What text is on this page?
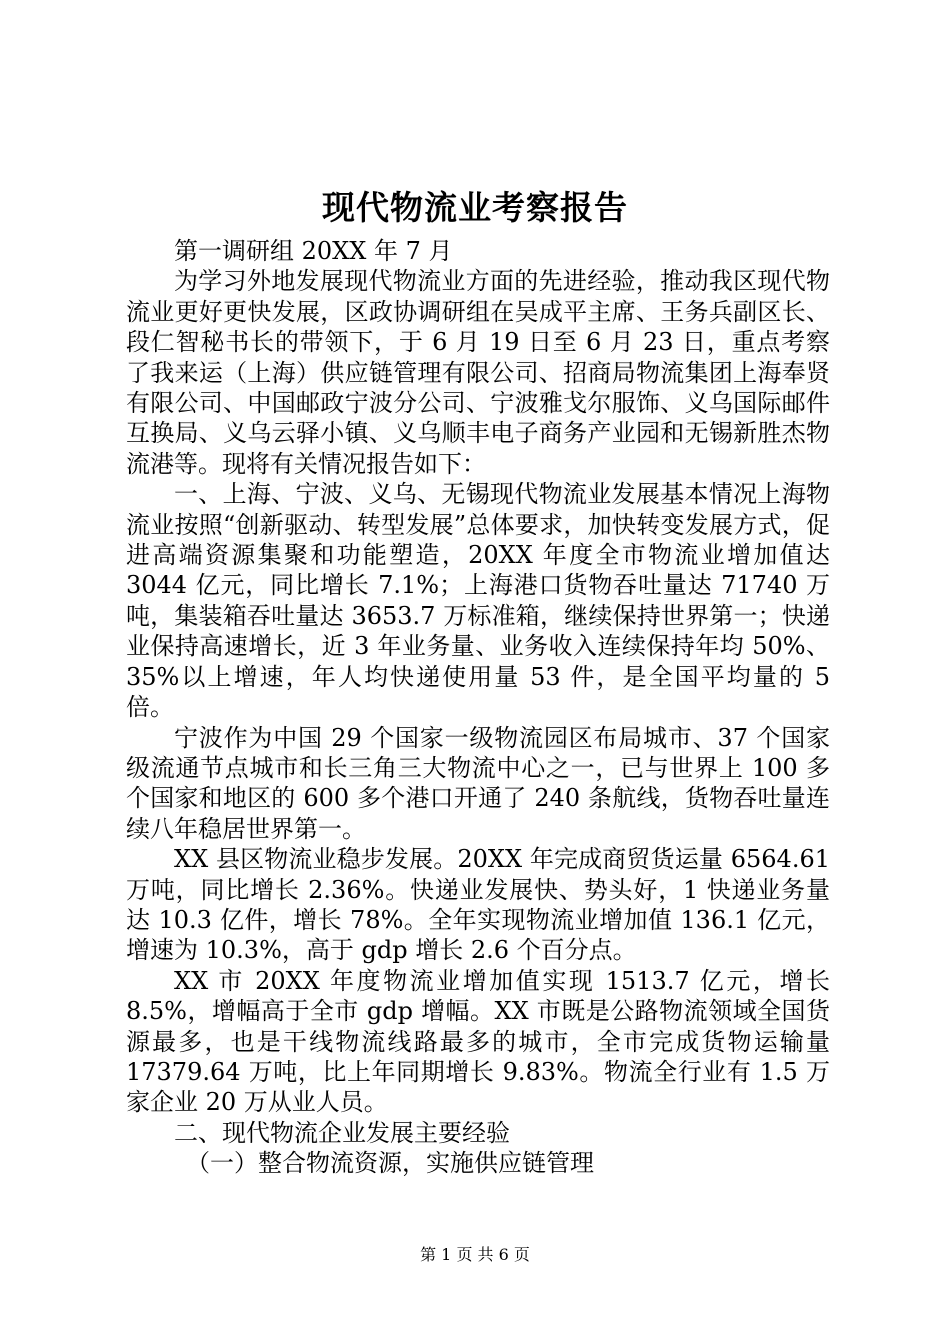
现代物流业考察报告

第一调研组 20XX 年 7 月

为学习外地发展现代物流业方面的先进经验，推动我区现代物流业更好更快发展，区政协调研组在吴成平主席、王务兵副区长、段仁智秘书长的带领下，于 6 月 19 日至 6 月 23 日，重点考察了我来运（上海）供应链管理有限公司、招商局物流集团上海奉贤有限公司、中国邮政宁波分公司、宁波雅戈尔服饰、义乌国际邮件互换局、义乌云驿小镇、义乌顺丰电子商务产业园和无锡新胜杰物流港等。现将有关情况报告如下：

一、上海、宁波、义乌、无锡现代物流业发展基本情况上海物流业按照“创新驱动、转型发展”总体要求，加快转变发展方式，促进高端资源集聚和功能塑造，20XX 年度全市物流业增加值达 3044 亿元，同比增长 7.1%；上海港口货物吞吐量达 71740 万吨，集装箱吞吐量达 3653.7 万标准箱，继续保持世界第一；快递业保持高速增长，近 3 年业务量、业务收入连续保持年均 50%、35%以上增速，年人均快递使用量 53 件，是全国平均量的 5 倍。

宁波作为中国 29 个国家一级物流园区布局城市、37 个国家级流通节点城市和长三角三大物流中心之一，已与世界上 100 多个国家和地区的 600 多个港口开通了 240 条航线，货物吞吐量连续八年稳居世界第一。

XX 县区物流业稳步发展。20XX 年完成商贸货运量 6564.61 万吨，同比增长 2.36%。快递业发展快、势头好，1 快递业务量达 10.3 亿件，增长 78%。全年实现物流业增加值 136.1 亿元，增速为 10.3%，高于 gdp 增长 2.6 个百分点。

XX 市 20XX 年度物流业增加值实现 1513.7 亿元，增长 8.5%，增幅高于全市 gdp 增幅。XX 市既是公路物流领域全国货源最多，也是干线物流线路最多的城市，全市完成货物运输量 17379.64 万吨，比上年同期增长 9.83%。物流全行业有 1.5 万家企业 20 万从业人员。

二、现代物流企业发展主要经验

（一）整合物流资源，实施供应链管理

第 1 页 共 6 页
